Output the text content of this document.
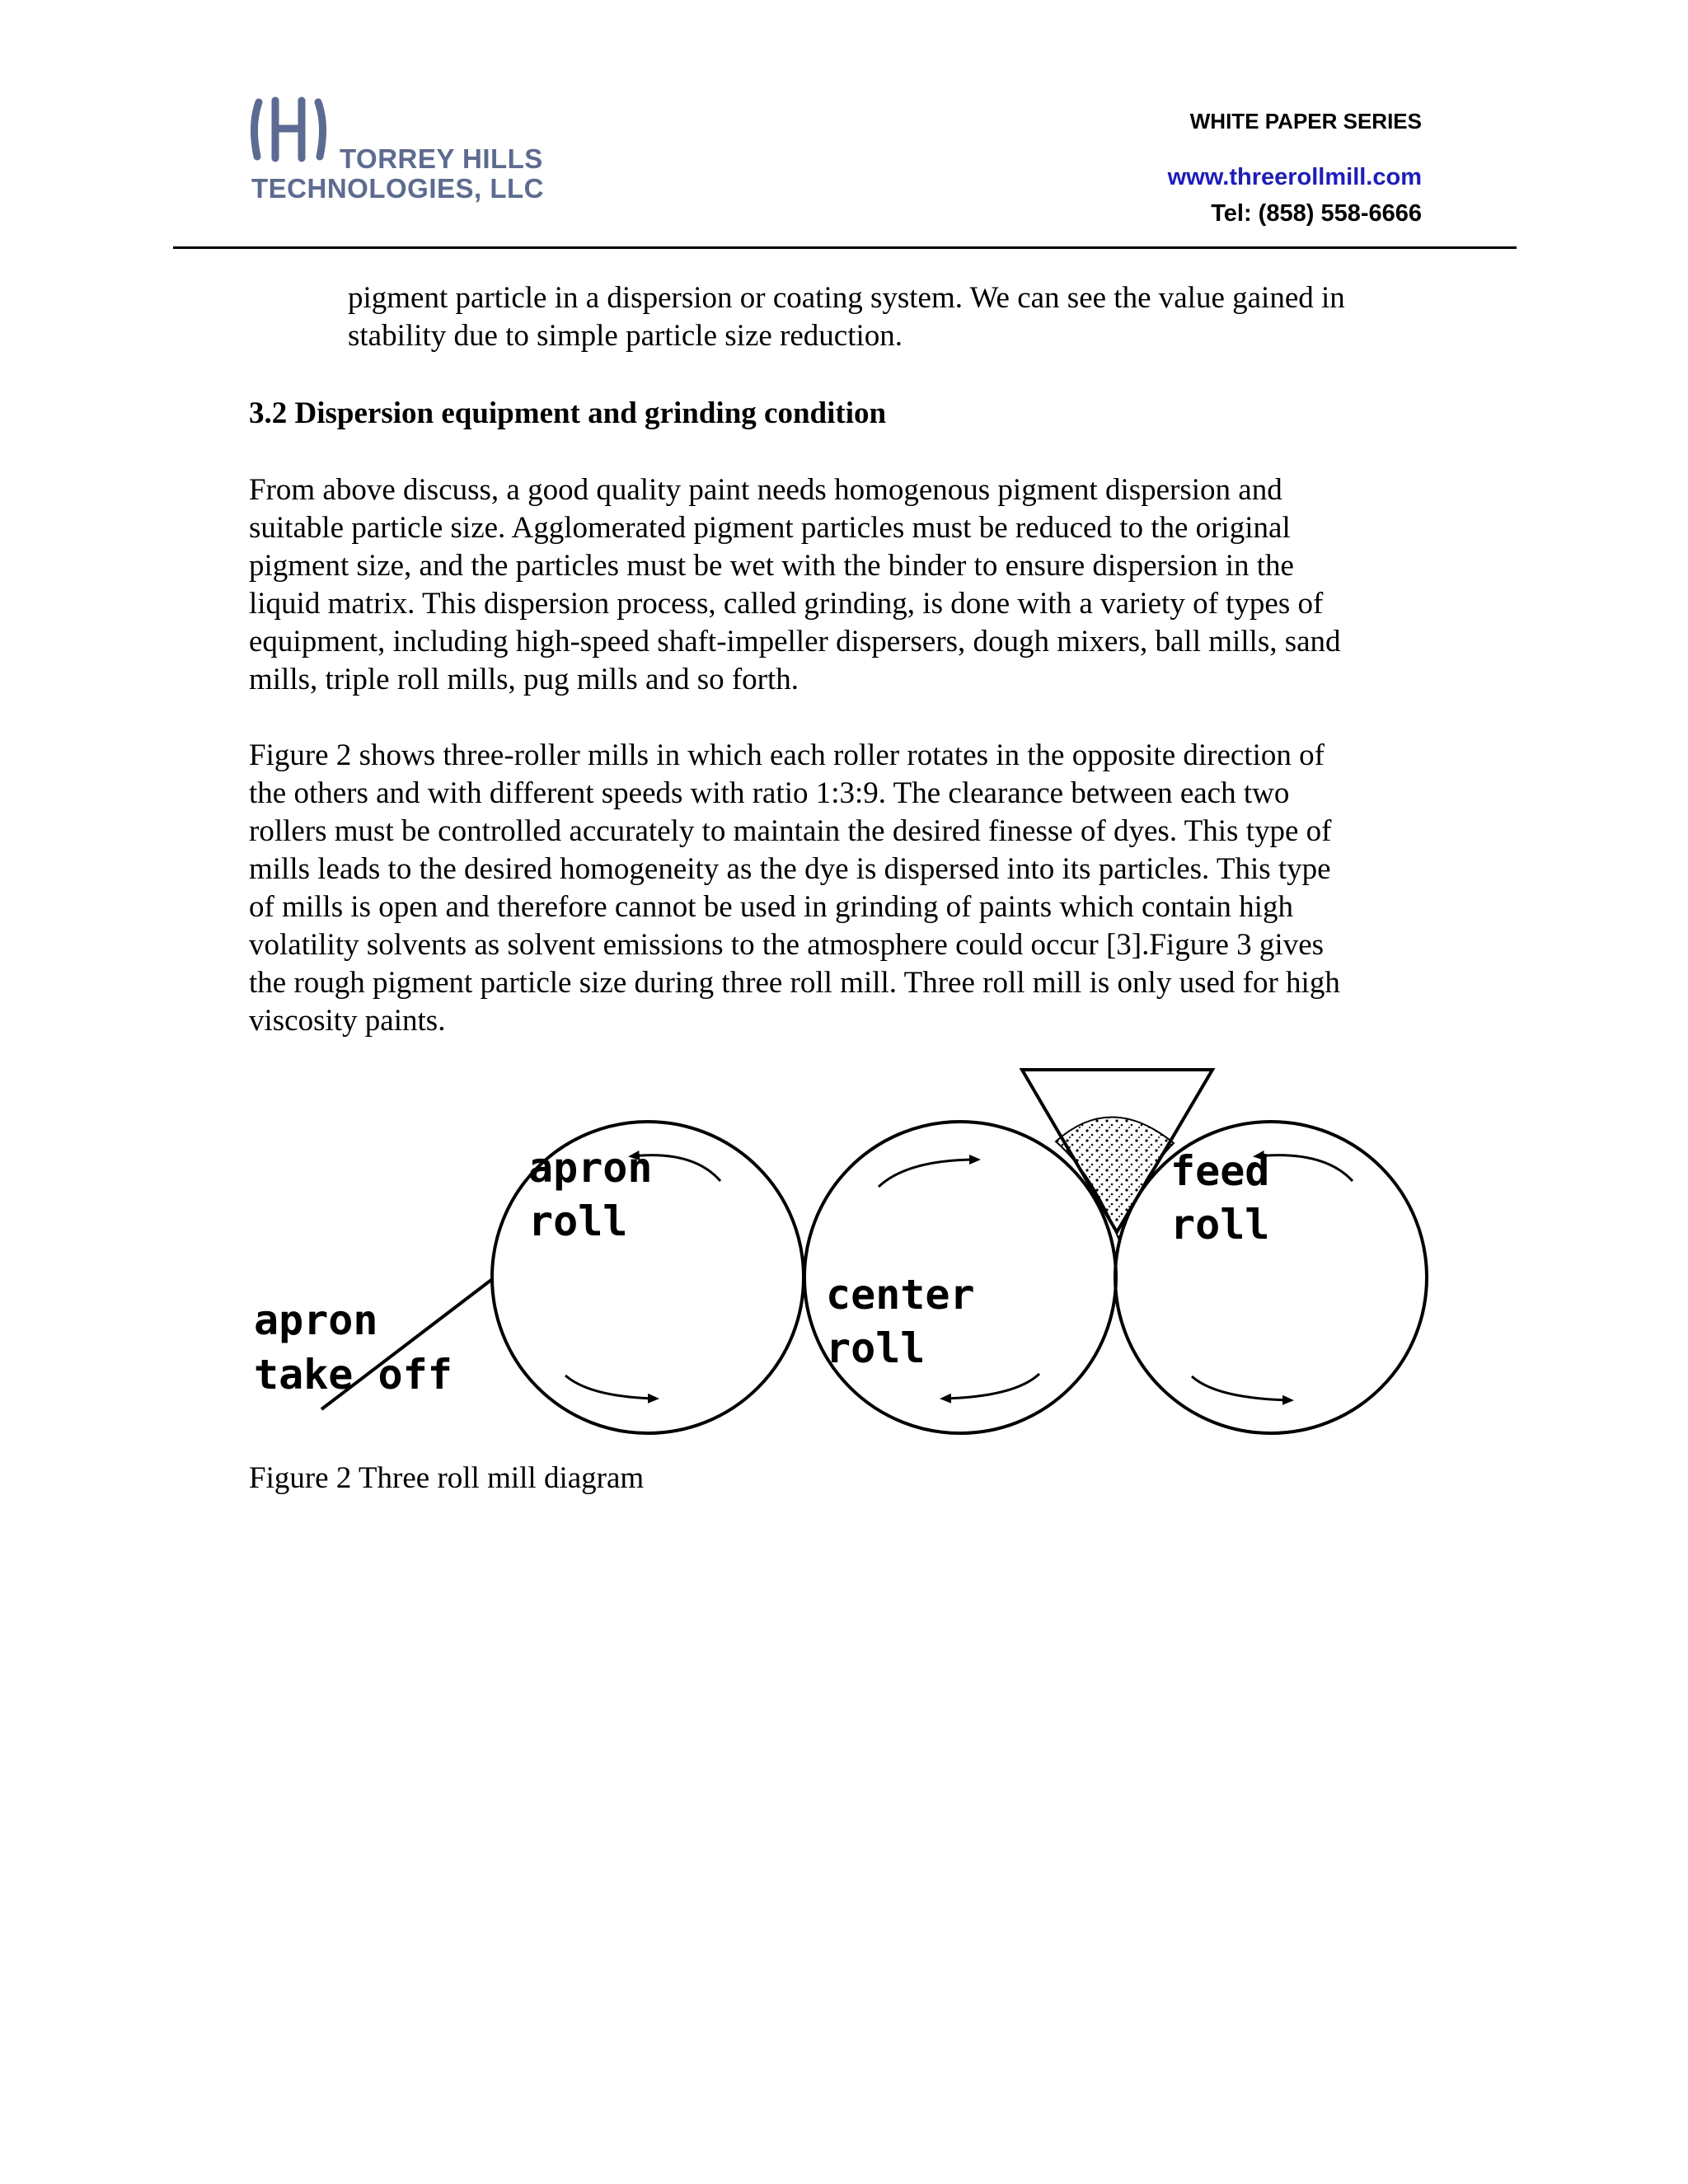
TORREY HILLS
TECHNOLOGIES, LLC
WHITE PAPER SERIES
www.threerollmill.com
Tel: (858) 558-6666

pigment particle in a dispersion or coating system. We can see the value gained in
stability due to simple particle size reduction.

3.2 Dispersion equipment and grinding condition

From above discuss, a good quality paint needs homogenous pigment dispersion and
suitable particle size. Agglomerated pigment particles must be reduced to the original
pigment size, and the particles must be wet with the binder to ensure dispersion in the
liquid matrix. This dispersion process, called grinding, is done with a variety of types of
equipment, including high-speed shaft-impeller dispersers, dough mixers, ball mills, sand
mills, triple roll mills, pug mills and so forth.

Figure 2 shows three-roller mills in which each roller rotates in the opposite direction of
the others and with different speeds with ratio 1:3:9. The clearance between each two
rollers must be controlled accurately to maintain the desired finesse of dyes. This type of
mills leads to the desired homogeneity as the dye is dispersed into its particles. This type
of mills is open and therefore cannot be used in grinding of paints which contain high
volatility solvents as solvent emissions to the atmosphere could occur [3].Figure 3 gives
the rough pigment particle size during three roll mill. Three roll mill is only used for high
viscosity paints.

apron
roll
center
roll
feed
roll
apron
take off

Figure 2 Three roll mill diagram
